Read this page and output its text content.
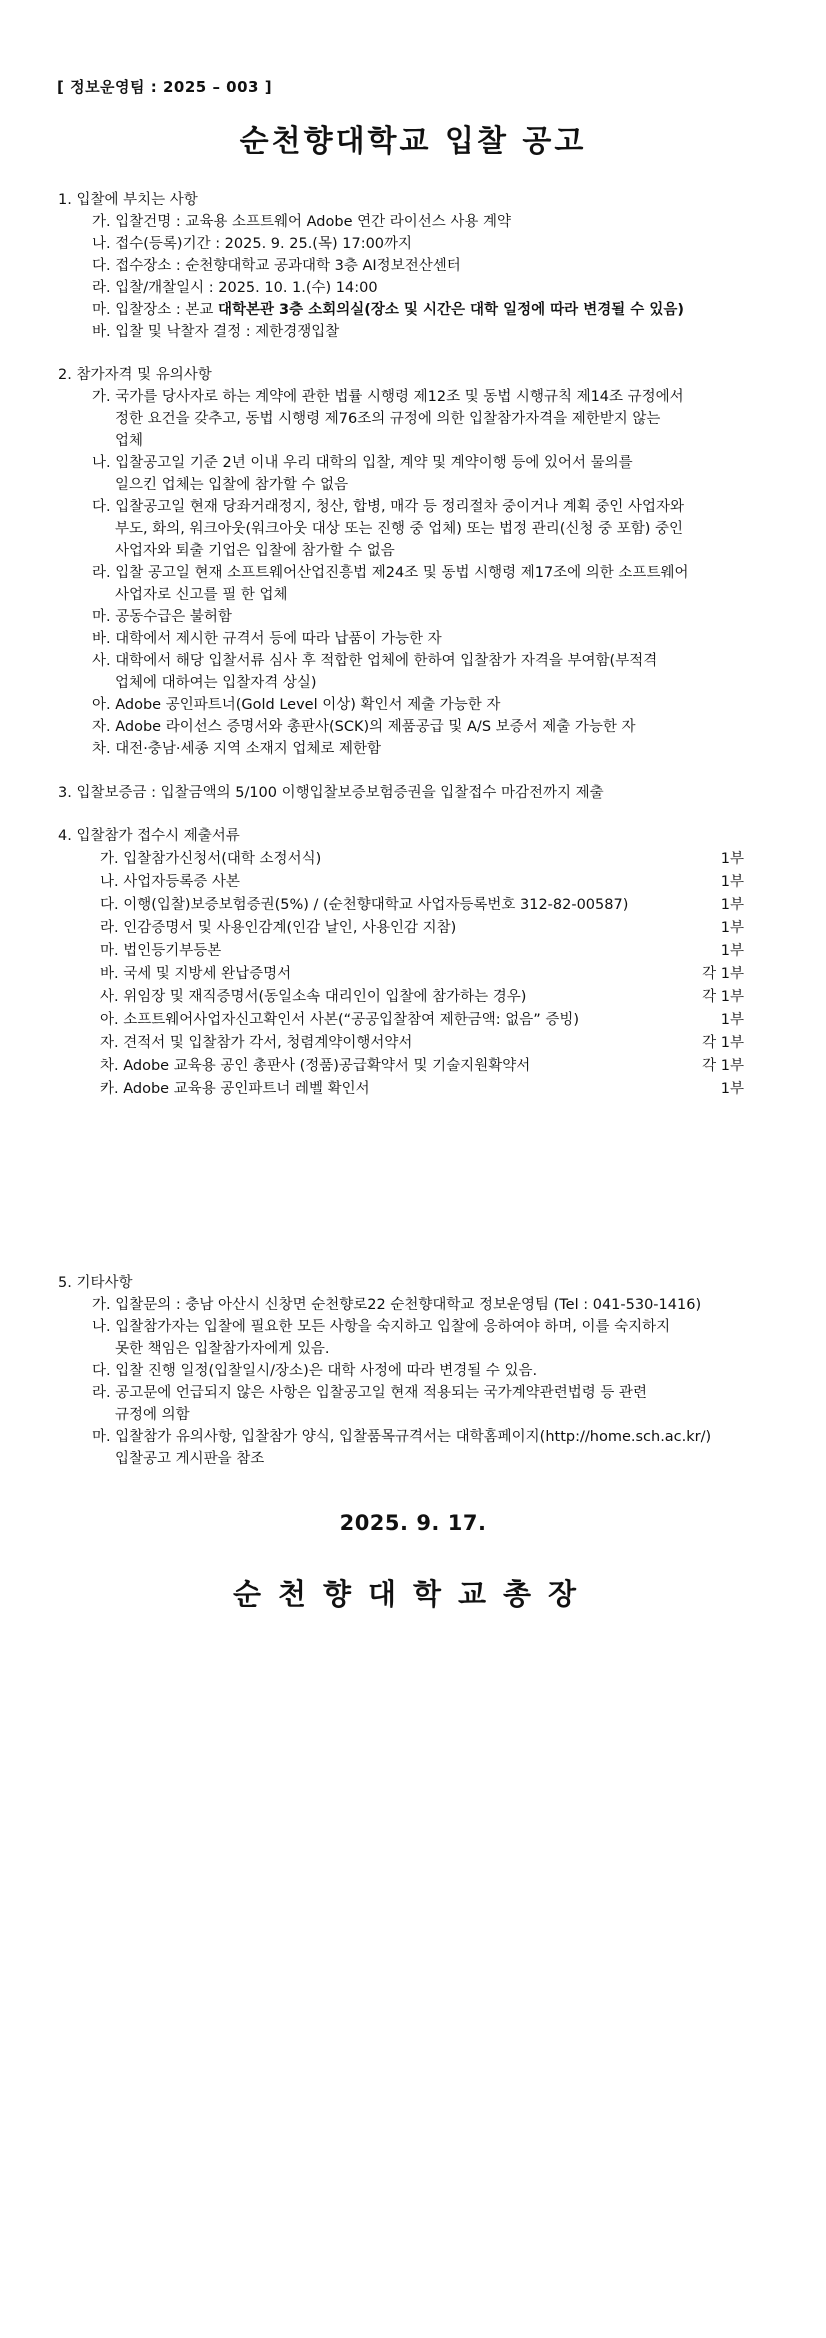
[ 정보운영팀 : 2025 – 003 ]
순천향대학교 입찰 공고
1. 입찰에 부치는 사항
가. 입찰건명 : 교육용 소프트웨어 Adobe 연간 라이선스 사용 계약
나. 접수(등록)기간 : 2025. 9. 25.(목) 17:00까지
다. 접수장소 : 순천향대학교 공과대학 3층 AI정보전산센터
라. 입찰/개찰일시 : 2025. 10. 1.(수) 14:00
마. 입찰장소 : 본교 대학본관 3층 소회의실(장소 및 시간은 대학 일정에 따라 변경될 수 있음)
바. 입찰 및 낙찰자 결정 : 제한경쟁입찰
2. 참가자격 및 유의사항
가. 국가를 당사자로 하는 계약에 관한 법률 시행령 제12조 및 동법 시행규칙 제14조 규정에서
정한 요건을 갖추고, 동법 시행령 제76조의 규정에 의한 입찰참가자격을 제한받지 않는
업체
나. 입찰공고일 기준 2년 이내 우리 대학의 입찰, 계약 및 계약이행 등에 있어서 물의를
일으킨 업체는 입찰에 참가할 수 없음
다. 입찰공고일 현재 당좌거래정지, 청산, 합병, 매각 등 정리절차 중이거나 계획 중인 사업자와
부도, 화의, 워크아웃(워크아웃 대상 또는 진행 중 업체) 또는 법정 관리(신청 중 포함) 중인
사업자와 퇴출 기업은 입찰에 참가할 수 없음
라. 입찰 공고일 현재 소프트웨어산업진흥법 제24조 및 동법 시행령 제17조에 의한 소프트웨어
사업자로 신고를 필 한 업체
마. 공동수급은 불허함
바. 대학에서 제시한 규격서 등에 따라 납품이 가능한 자
사. 대학에서 해당 입찰서류 심사 후 적합한 업체에 한하여 입찰참가 자격을 부여함(부적격
업체에 대하여는 입찰자격 상실)
아. Adobe 공인파트너(Gold Level 이상) 확인서 제출 가능한 자
자. Adobe 라이선스 증명서와 총판사(SCK)의 제품공급 및 A/S 보증서 제출 가능한 자
차. 대전·충남·세종 지역 소재지 업체로 제한함
3. 입찰보증금 : 입찰금액의 5/100 이행입찰보증보험증권을 입찰접수 마감전까지 제출
4. 입찰참가 접수시 제출서류
가. 입찰참가신청서(대학 소정서식)	1부
나. 사업자등록증 사본	1부
다. 이행(입찰)보증보험증권(5%) / (순천향대학교 사업자등록번호 312-82-00587)	1부
라. 인감증명서 및 사용인감계(인감 날인, 사용인감 지참)	1부
마. 법인등기부등본	1부
바. 국세 및 지방세 완납증명서	각 1부
사. 위임장 및 재직증명서(동일소속 대리인이 입찰에 참가하는 경우)	각 1부
아. 소프트웨어사업자신고확인서 사본(“공공입찰참여 제한금액: 없음” 증빙)	1부
자. 견적서 및 입찰참가 각서, 청렴계약이행서약서	각 1부
차. Adobe 교육용 공인 총판사 (정품)공급확약서 및 기술지원확약서	각 1부
카. Adobe 교육용 공인파트너 레벨 확인서	1부
5. 기타사항
가. 입찰문의 : 충남 아산시 신창면 순천향로22 순천향대학교 정보운영팀 (Tel : 041-530-1416)
나. 입찰참가자는 입찰에 필요한 모든 사항을 숙지하고 입찰에 응하여야 하며, 이를 숙지하지
못한 책임은 입찰참가자에게 있음.
다. 입찰 진행 일정(입찰일시/장소)은 대학 사정에 따라 변경될 수 있음.
라. 공고문에 언급되지 않은 사항은 입찰공고일 현재 적용되는 국가계약관련법령 등 관련
규정에 의함
마. 입찰참가 유의사항, 입찰참가 양식, 입찰품목규격서는 대학홈페이지(http://home.sch.ac.kr/)
입찰공고 게시판을 참조
2025. 9. 17.
순천향대학교총장
